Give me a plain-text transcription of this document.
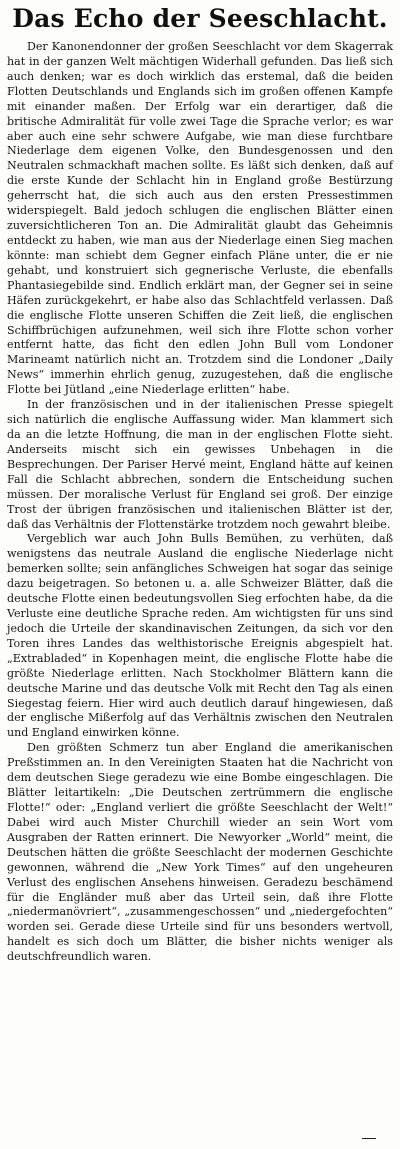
Das Echo der Seeschlacht.

Der Kanonendonner der großen Seeschlacht vor dem Skagerrak hat in der ganzen Welt mächtigen Widerhall gefunden. Das ließ sich auch denken; war es doch wirklich das erstemal, daß die beiden Flotten Deutschlands und Englands sich im großen offenen Kampfe mit einander maßen. Der Erfolg war ein derartiger, daß die britische Admiralität für volle zwei Tage die Sprache verlor; es war aber auch eine sehr schwere Aufgabe, wie man diese furchtbare Niederlage dem eigenen Volke, den Bundesgenossen und den Neutralen schmackhaft machen sollte. Es läßt sich denken, daß auf die erste Kunde der Schlacht hin in England große Bestürzung geherrscht hat, die sich auch aus den ersten Pressestimmen widerspiegelt. Bald jedoch schlugen die englischen Blätter einen zuversichtlicheren Ton an. Die Admiralität glaubt das Geheimnis entdeckt zu haben, wie man aus der Niederlage einen Sieg machen könnte: man schiebt dem Gegner einfach Pläne unter, die er nie gehabt, und konstruiert sich gegnerische Verluste, die ebenfalls Phantasiegebilde sind. Endlich erklärt man, der Gegner sei in seine Häfen zurückgekehrt, er habe also das Schlachtfeld verlassen. Daß die englische Flotte unseren Schiffen die Zeit ließ, die englischen Schiffbrüchigen aufzunehmen, weil sich ihre Flotte schon vorher entfernt hatte, das ficht den edlen John Bull vom Londoner Marineamt natürlich nicht an. Trotzdem sind die Londoner „Daily News“ immerhin ehrlich genug, zuzugestehen, daß die englische Flotte bei Jütland „eine Niederlage erlitten“ habe.

In der französischen und in der italienischen Presse spiegelt sich natürlich die englische Auffassung wider. Man klammert sich da an die letzte Hoffnung, die man in der englischen Flotte sieht. Anderseits mischt sich ein gewisses Unbehagen in die Besprechungen. Der Pariser Hervé meint, England hätte auf keinen Fall die Schlacht abbrechen, sondern die Entscheidung suchen müssen. Der moralische Verlust für England sei groß. Der einzige Trost der übrigen französischen und italienischen Blätter ist der, daß das Verhältnis der Flottenstärke trotzdem noch gewahrt bleibe.

Vergeblich war auch John Bulls Bemühen, zu verhüten, daß wenigstens das neutrale Ausland die englische Niederlage nicht bemerken sollte; sein anfängliches Schweigen hat sogar das seinige dazu beigetragen. So betonen u. a. alle Schweizer Blätter, daß die deutsche Flotte einen bedeutungsvollen Sieg erfochten habe, da die Verluste eine deutliche Sprache reden. Am wichtigsten für uns sind jedoch die Urteile der skandinavischen Zeitungen, da sich vor den Toren ihres Landes das welthistorische Ereignis abgespielt hat. „Extrabladed“ in Kopenhagen meint, die englische Flotte habe die größte Niederlage erlitten. Nach Stockholmer Blättern kann die deutsche Marine und das deutsche Volk mit Recht den Tag als einen Siegestag feiern. Hier wird auch deutlich darauf hingewiesen, daß der englische Mißerfolg auf das Verhältnis zwischen den Neutralen und England einwirken könne.

Den größten Schmerz tun aber England die amerikanischen Preßstimmen an. In den Vereinigten Staaten hat die Nachricht von dem deutschen Siege geradezu wie eine Bombe eingeschlagen. Die Blätter leitartikeln: „Die Deutschen zertrümmern die englische Flotte!“ oder: „England verliert die größte Seeschlacht der Welt!“ Dabei wird auch Mister Churchill wieder an sein Wort vom Ausgraben der Ratten erinnert. Die Newyorker „World“ meint, die Deutschen hätten die größte Seeschlacht der modernen Geschichte gewonnen, während die „New York Times“ auf den ungeheuren Verlust des englischen Ansehens hinweisen. Geradezu beschämend für die Engländer muß aber das Urteil sein, daß ihre Flotte „niedermanövriert“, „zusammengeschossen“ und „niedergefochten“ worden sei. Gerade diese Urteile sind für uns besonders wertvoll, handelt es sich doch um Blätter, die bisher nichts weniger als deutschfreundlich waren.
